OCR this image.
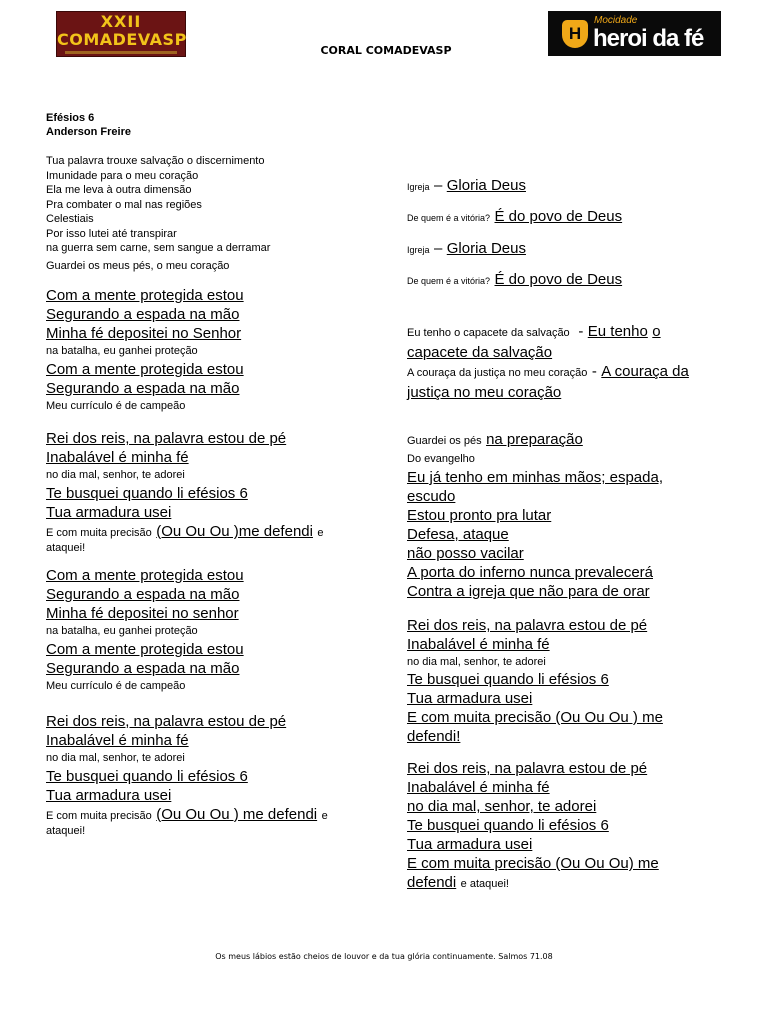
XXII
COMADEVASP
CORAL COMADEVASP
H
Mocidade
heroi da fé
Efésios 6
Anderson Freire
Tua palavra trouxe salvação o discernimento
Imunidade para o meu coração
Ela me leva à outra dimensão
Pra combater o mal nas regiões
Celestiais
Por isso lutei até transpirar
na guerra sem carne, sem sangue a derramar
Guardei os meus pés, o meu coração
Com a mente protegida estou
Segurando a espada na mão
Minha fé depositei no Senhor
na batalha, eu ganhei proteção
Com a mente protegida estou
Segurando a espada na mão
Meu currículo é de campeão
Rei dos reis, na palavra estou de pé
Inabalável é minha fé
no dia mal, senhor, te adorei
Te busquei quando li efésios 6
Tua armadura usei
E com muita precisão (Ou Ou Ou )me defendi e
ataquei!
Com a mente protegida estou
Segurando a espada na mão
Minha fé depositei no senhor
na batalha, eu ganhei proteção
Com a mente protegida estou
Segurando a espada na mão
Meu currículo é de campeão
Rei dos reis, na palavra estou de pé
Inabalável é minha fé
no dia mal, senhor, te adorei
Te busquei quando li efésios 6
Tua armadura usei
E com muita precisão (Ou Ou Ou ) me defendi e
ataquei!
Igreja – Gloria Deus
De quem é a vitória? É do povo de Deus
Igreja – Gloria Deus
De quem é a vitória? É do povo de Deus
Eu tenho o capacete da salvação - Eu tenho o capacete da salvação
A couraça da justiça no meu coração - A couraça da justiça no meu coração
Guardei os pés na preparação
Do evangelho
Eu já tenho em minhas mãos; espada,
escudo
Estou pronto pra lutar
Defesa, ataque
não posso vacilar
A porta do inferno nunca prevalecerá
Contra a igreja que não para de orar
Rei dos reis, na palavra estou de pé
Inabalável é minha fé
no dia mal, senhor, te adorei
Te busquei quando li efésios 6
Tua armadura usei
E com muita precisão (Ou Ou Ou ) me
defendi!
Rei dos reis, na palavra estou de pé
Inabalável é minha fé
no dia mal, senhor, te adorei
Te busquei quando li efésios 6
Tua armadura usei
E com muita precisão (Ou Ou Ou) me
defendi e ataquei!
Os meus lábios estão cheios de louvor e da tua glória continuamente. Salmos 71.08
